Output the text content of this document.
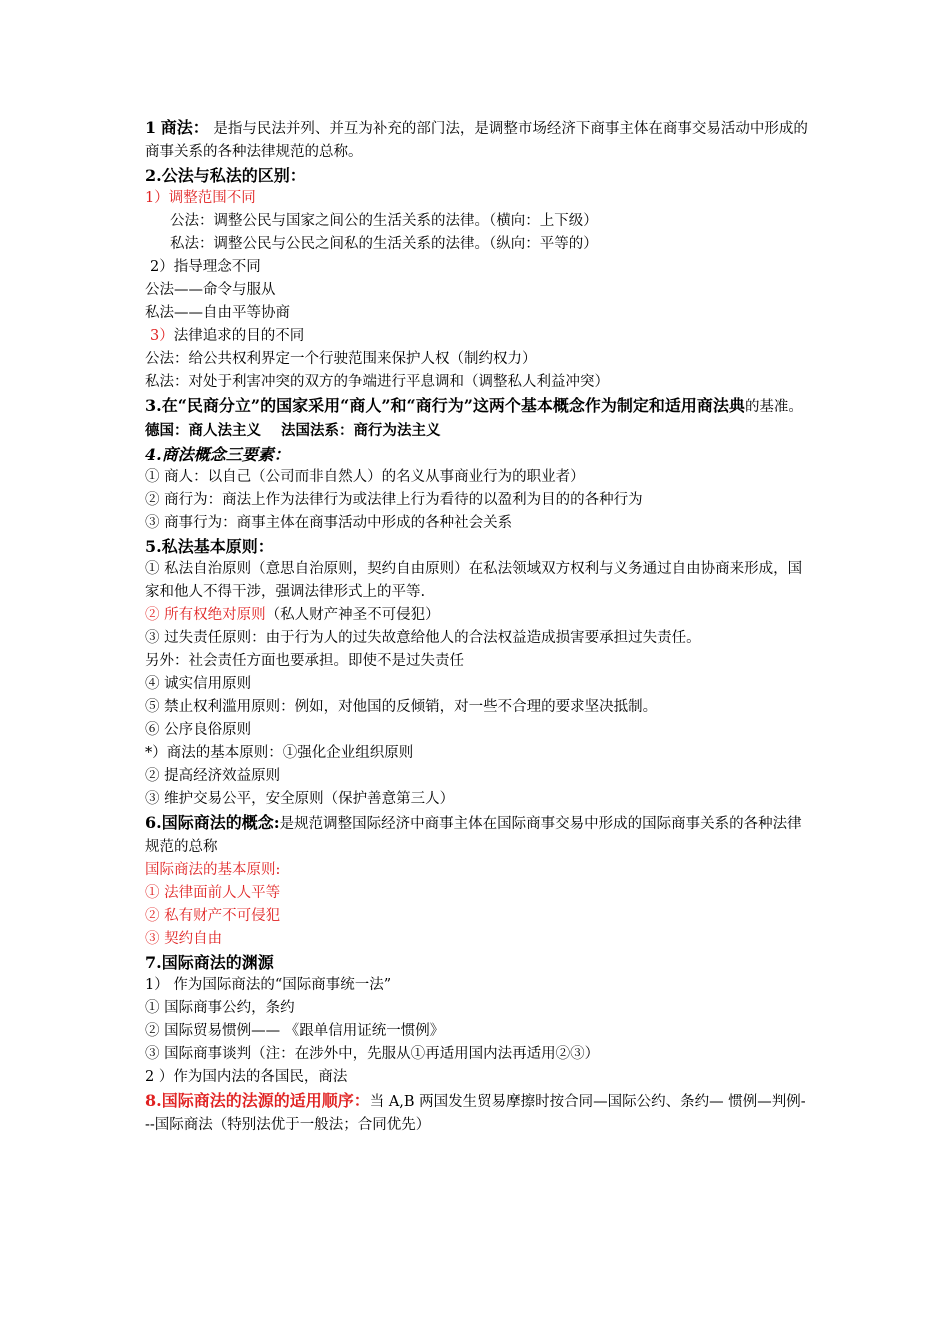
1 商法： 是指与民法并列、并互为补充的部门法，是调整市场经济下商事主体在商事交易活动中形成的商事关系的各种法律规范的总称。
2.公法与私法的区别：
1）调整范围不同
公法：调整公民与国家之间公的生活关系的法律。（横向：上下级）
私法：调整公民与公民之间私的生活关系的法律。（纵向：平等的）
2）指导理念不同
公法——命令与服从
私法——自由平等协商
3）法律追求的目的不同
公法：给公共权利界定一个行驶范围来保护人权（制约权力）
私法：对处于利害冲突的双方的争端进行平息调和（调整私人利益冲突）
3.在“民商分立”的国家采用“商人”和“商行为”这两个基本概念作为制定和适用商法典的基准。德国：商人法主义 法国法系：商行为法主义
4.商法概念三要素：
① 商人：以自己（公司而非自然人）的名义从事商业行为的职业者）
② 商行为：商法上作为法律行为或法律上行为看待的以盈利为目的的各种行为
③ 商事行为：商事主体在商事活动中形成的各种社会关系
5.私法基本原则：
① 私法自治原则（意思自治原则，契约自由原则）在私法领域双方权利与义务通过自由协商来形成，国家和他人不得干涉，强调法律形式上的平等.
② 所有权绝对原则（私人财产神圣不可侵犯）
③ 过失责任原则：由于行为人的过失故意给他人的合法权益造成损害要承担过失责任。
另外：社会责任方面也要承担。即使不是过失责任
④ 诚实信用原则
⑤ 禁止权利滥用原则：例如，对他国的反倾销，对一些不合理的要求坚决抵制。
⑥ 公序良俗原则
*）商法的基本原则：①强化企业组织原则
② 提高经济效益原则
③ 维护交易公平，安全原则（保护善意第三人）
6.国际商法的概念:是规范调整国际经济中商事主体在国际商事交易中形成的国际商事关系的各种法律规范的总称
国际商法的基本原则:
① 法律面前人人平等
② 私有财产不可侵犯
③ 契约自由
7.国际商法的渊源
1） 作为国际商法的“国际商事统一法”
① 国际商事公约，条约
② 国际贸易惯例—— 《跟单信用证统一惯例》
③ 国际商事谈判（注：在涉外中，先服从①再适用国内法再适用②③）
2 ）作为国内法的各国民，商法
8.国际商法的法源的适用顺序：当 A,B 两国发生贸易摩擦时按合同—国际公约、条约— 惯例—判例---国际商法（特别法优于一般法；合同优先）
